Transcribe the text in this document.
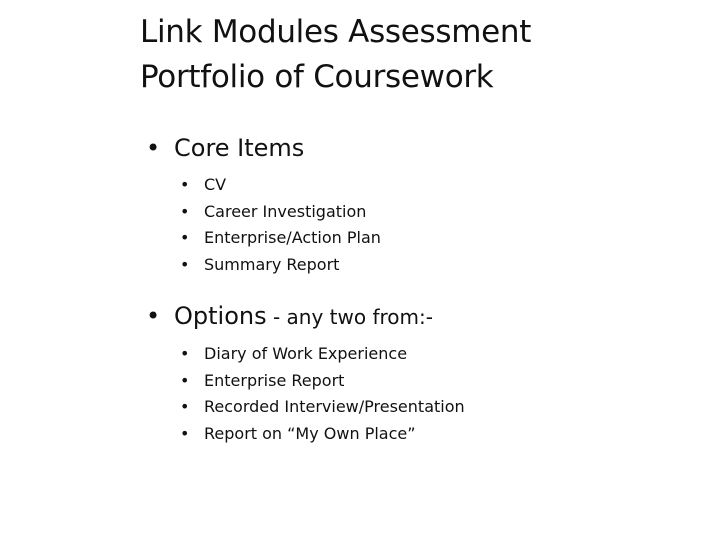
Link Modules Assessment
Portfolio of Coursework
• Core Items
• CV
• Career Investigation
• Enterprise/Action Plan
• Summary Report
• Options - any two from:-
• Diary of Work Experience
• Enterprise Report
• Recorded Interview/Presentation
• Report on “My Own Place”
